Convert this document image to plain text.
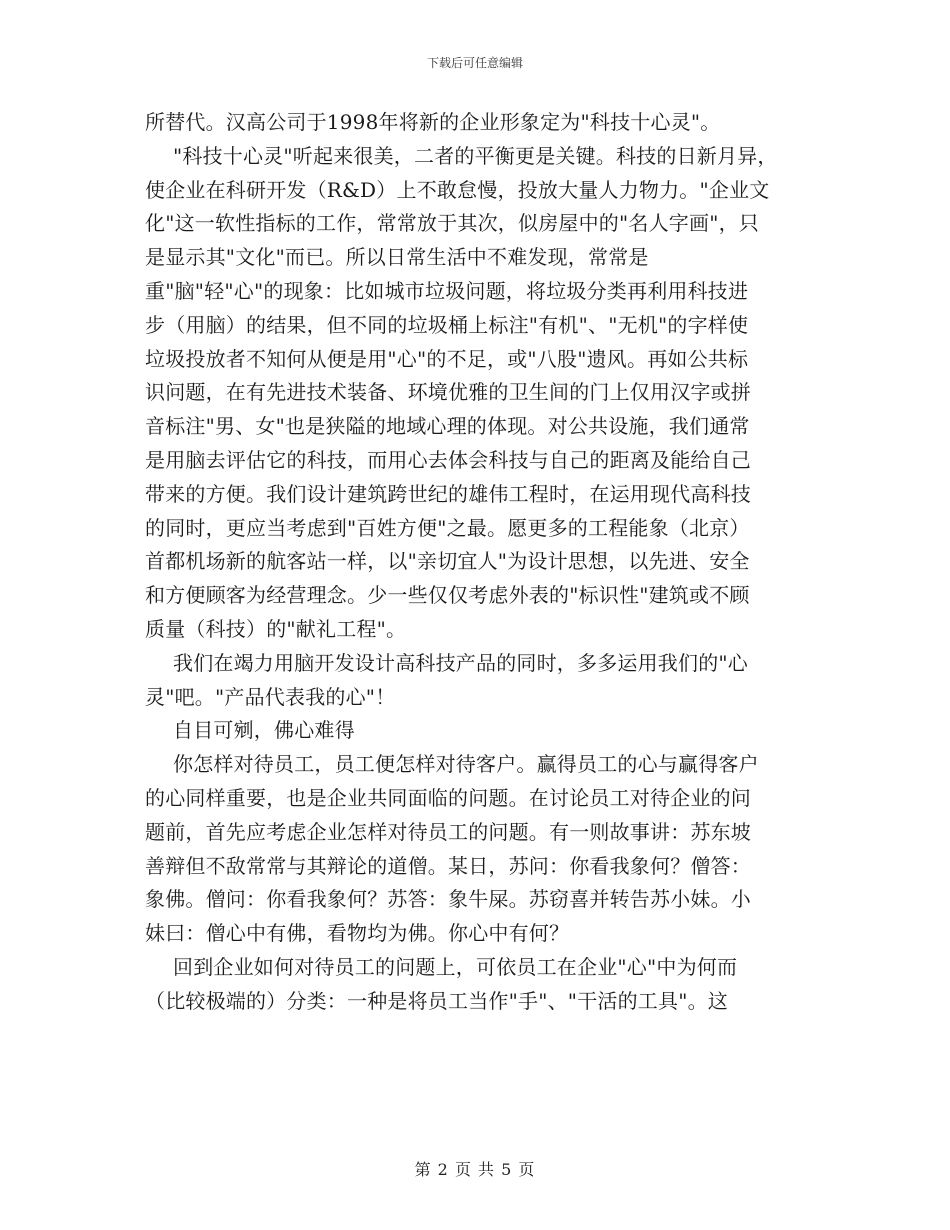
下载后可任意编辑
所替代。汉高公司于1998年将新的企业形象定为"科技十心灵"。
"科技十心灵"听起来很美，二者的平衡更是关键。科技的日新月异，
使企业在科研开发（R&D）上不敢怠慢，投放大量人力物力。"企业文
化"这一软性指标的工作，常常放于其次，似房屋中的"名人字画"，只
是显示其"文化"而已。所以日常生活中不难发现，常常是
重"脑"轻"心"的现象：比如城市垃圾问题，将垃圾分类再利用科技进
步（用脑）的结果，但不同的垃圾桶上标注"有机"、"无机"的字样使
垃圾投放者不知何从便是用"心"的不足，或"八股"遗风。再如公共标
识问题，在有先进技术装备、环境优雅的卫生间的门上仅用汉字或拼
音标注"男、女"也是狭隘的地域心理的体现。对公共设施，我们通常
是用脑去评估它的科技，而用心去体会科技与自己的距离及能给自己
带来的方便。我们设计建筑跨世纪的雄伟工程时，在运用现代高科技
的同时，更应当考虑到"百姓方便"之最。愿更多的工程能象（北京）
首都机场新的航客站一样，以"亲切宜人"为设计思想，以先进、安全
和方便顾客为经营理念。少一些仅仅考虑外表的"标识性"建筑或不顾
质量（科技）的"献礼工程"。
我们在竭力用脑开发设计高科技产品的同时，多多运用我们的"心
灵"吧。"产品代表我的心"！
自目可剜，佛心难得
你怎样对待员工，员工便怎样对待客户。赢得员工的心与赢得客户
的心同样重要，也是企业共同面临的问题。在讨论员工对待企业的问
题前，首先应考虑企业怎样对待员工的问题。有一则故事讲：苏东坡
善辩但不敌常常与其辩论的道僧。某日，苏问：你看我象何？僧答：
象佛。僧问：你看我象何？苏答：象牛屎。苏窃喜并转告苏小妹。小
妹曰：僧心中有佛，看物均为佛。你心中有何？
回到企业如何对待员工的问题上，可依员工在企业"心"中为何而
（比较极端的）分类：一种是将员工当作"手"、"干活的工具"。这
第 2 页 共 5 页
